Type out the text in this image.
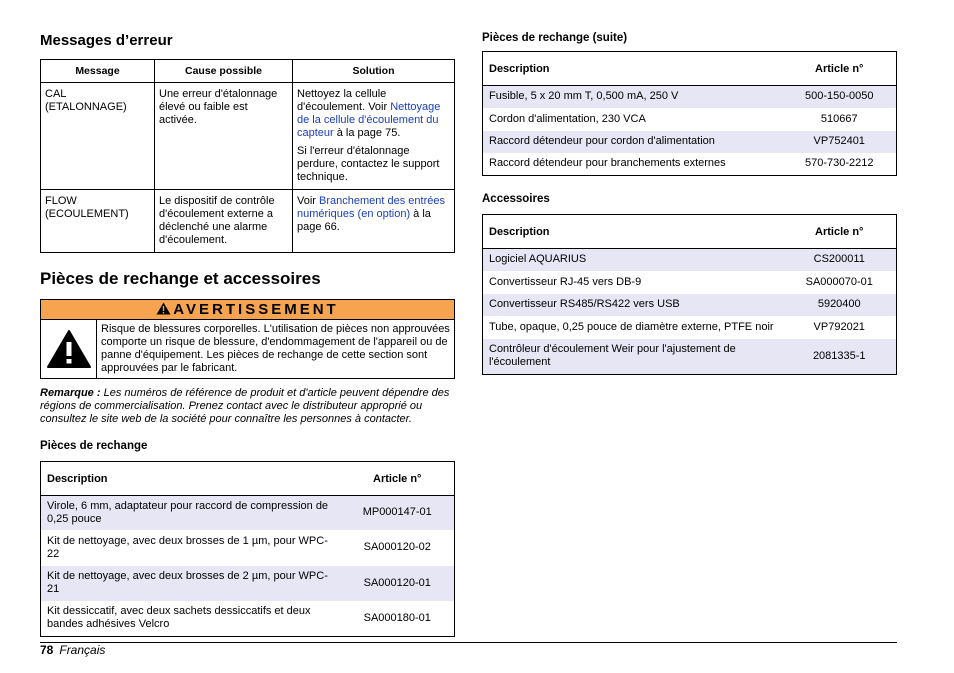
Messages d’erreur
Message	Cause possible	Solution
CAL (ETALONNAGE)	Une erreur d'étalonnage élevé ou faible est activée.	Nettoyez la cellule d'écoulement. Voir Nettoyage de la cellule d'écoulement du capteur à la page 75.

Si l'erreur d'étalonnage perdure, contactez le support technique.

FLOW (ECOULEMENT)	Le dispositif de contrôle d'écoulement externe a déclenché une alarme d'écoulement.	Voir Branchement des entrées numériques (en option) à la page 66.

Pièces de rechange et accessoires
AVERTISSEMENT
Risque de blessures corporelles. L'utilisation de pièces non approuvées comporte un risque de blessure, d'endommagement de l'appareil ou de panne d'équipement. Les pièces de rechange de cette section sont approuvées par le fabricant.

Remarque : Les numéros de référence de produit et d'article peuvent dépendre des régions de commercialisation. Prenez contact avec le distributeur approprié ou consultez le site web de la société pour connaître les personnes à contacter.

Pièces de rechange
Description	Article n°
Virole, 6 mm, adaptateur pour raccord de compression de 0,25 pouce	MP000147-01
Kit de nettoyage, avec deux brosses de 1 µm, pour WPC-22	SA000120-02
Kit de nettoyage, avec deux brosses de 2 µm, pour WPC-21	SA000120-01
Kit dessiccatif, avec deux sachets dessiccatifs et deux bandes adhésives Velcro	SA000180-01
Pièces de rechange (suite)
Description	Article n°
Fusible, 5 x 20 mm T, 0,500 mA, 250 V	500-150-0050
Cordon d'alimentation, 230 VCA	510667
Raccord détendeur pour cordon d'alimentation	VP752401
Raccord détendeur pour branchements externes	570-730-2212
Accessoires
Description	Article n°
Logiciel AQUARIUS	CS200011
Convertisseur RJ-45 vers DB-9	SA000070-01
Convertisseur RS485/RS422 vers USB	5920400
Tube, opaque, 0,25 pouce de diamètre externe, PTFE noir	VP792021
Contrôleur d'écoulement Weir pour l'ajustement de l'écoulement	2081335-1
78 Français
